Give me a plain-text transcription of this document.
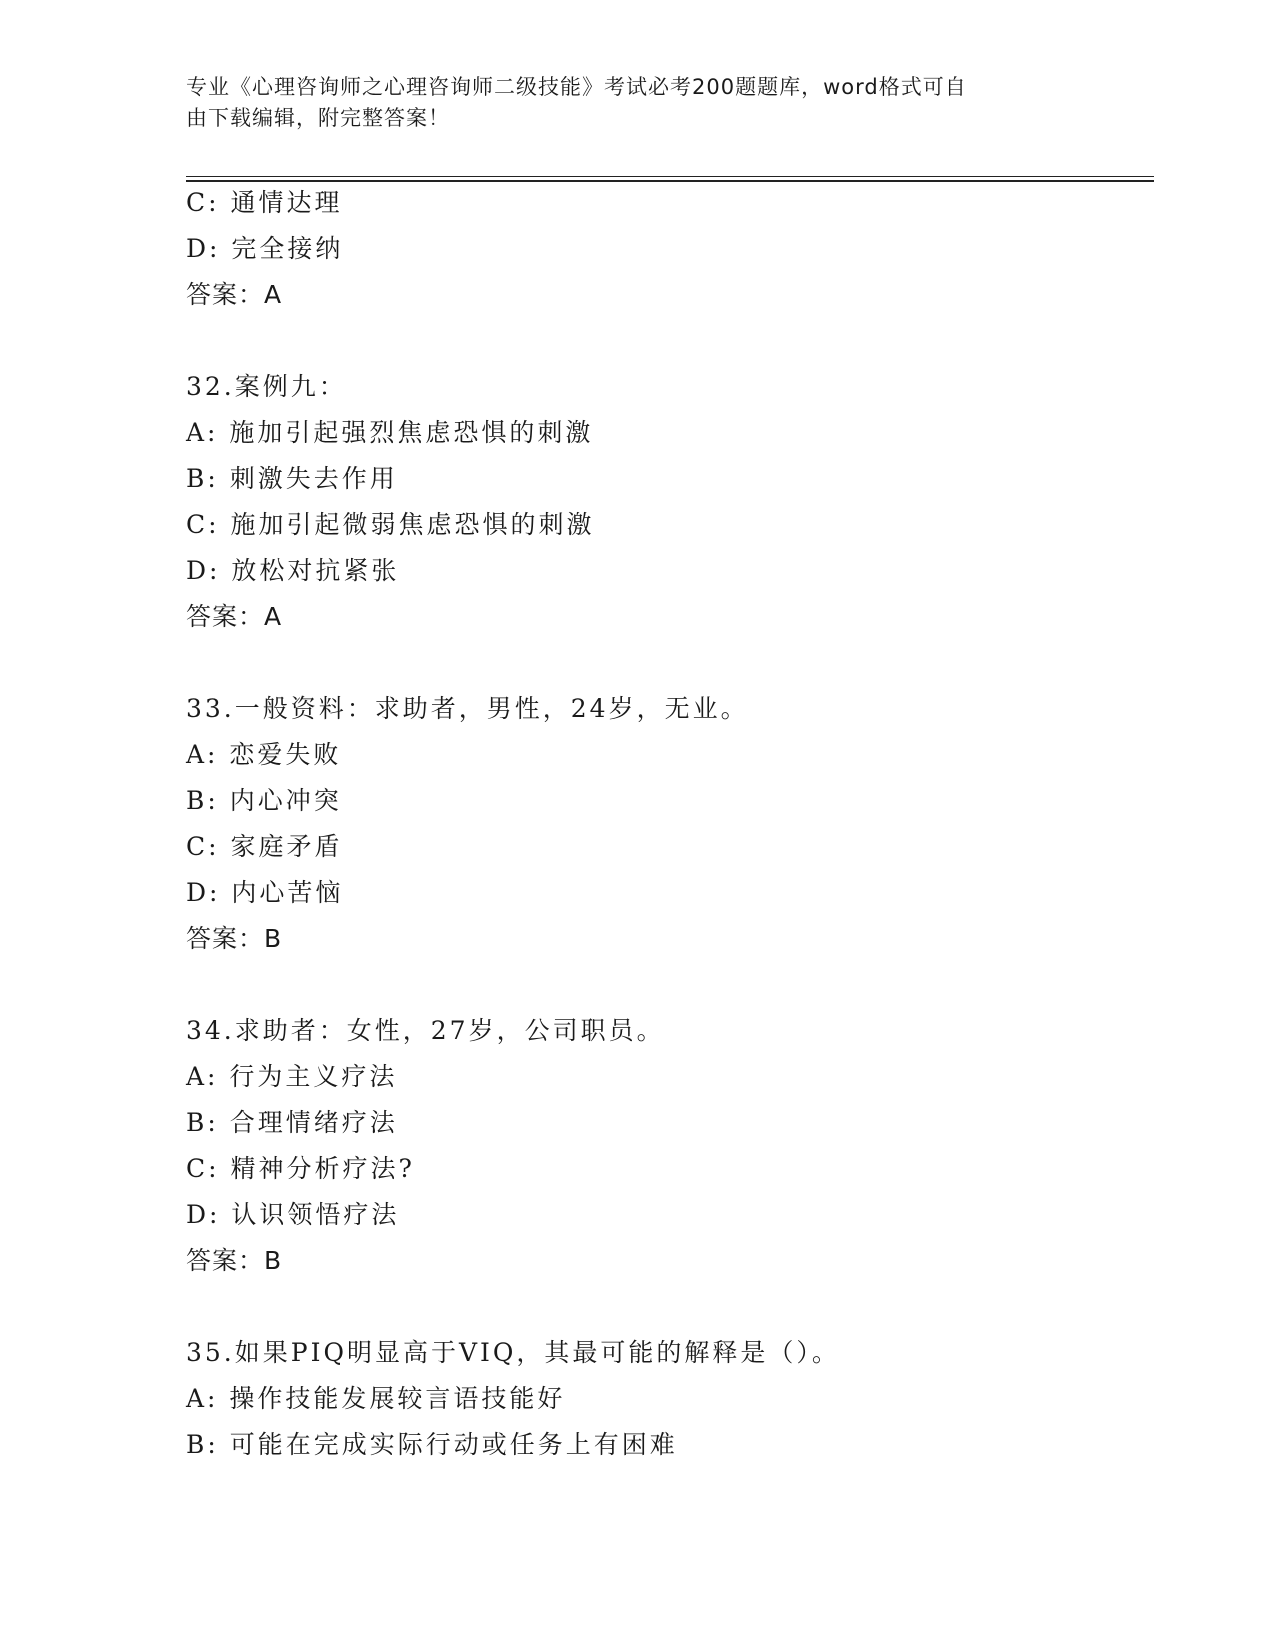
专业《心理咨询师之心理咨询师二级技能》考试必考200题题库，word格式可自
由下载编辑，附完整答案！
C: 通情达理
D: 完全接纳
答案：A
32.案例九：
A: 施加引起强烈焦虑恐惧的刺激
B: 刺激失去作用
C: 施加引起微弱焦虑恐惧的刺激
D: 放松对抗紧张
答案：A
33.一般资料：求助者，男性，24岁，无业。
A: 恋爱失败
B: 内心冲突
C: 家庭矛盾
D: 内心苦恼
答案：B
34.求助者：女性，27岁，公司职员。
A: 行为主义疗法
B: 合理情绪疗法
C: 精神分析疗法?
D: 认识领悟疗法
答案：B
35.如果PIQ明显高于VIQ，其最可能的解释是（）。
A: 操作技能发展较言语技能好
B: 可能在完成实际行动或任务上有困难
